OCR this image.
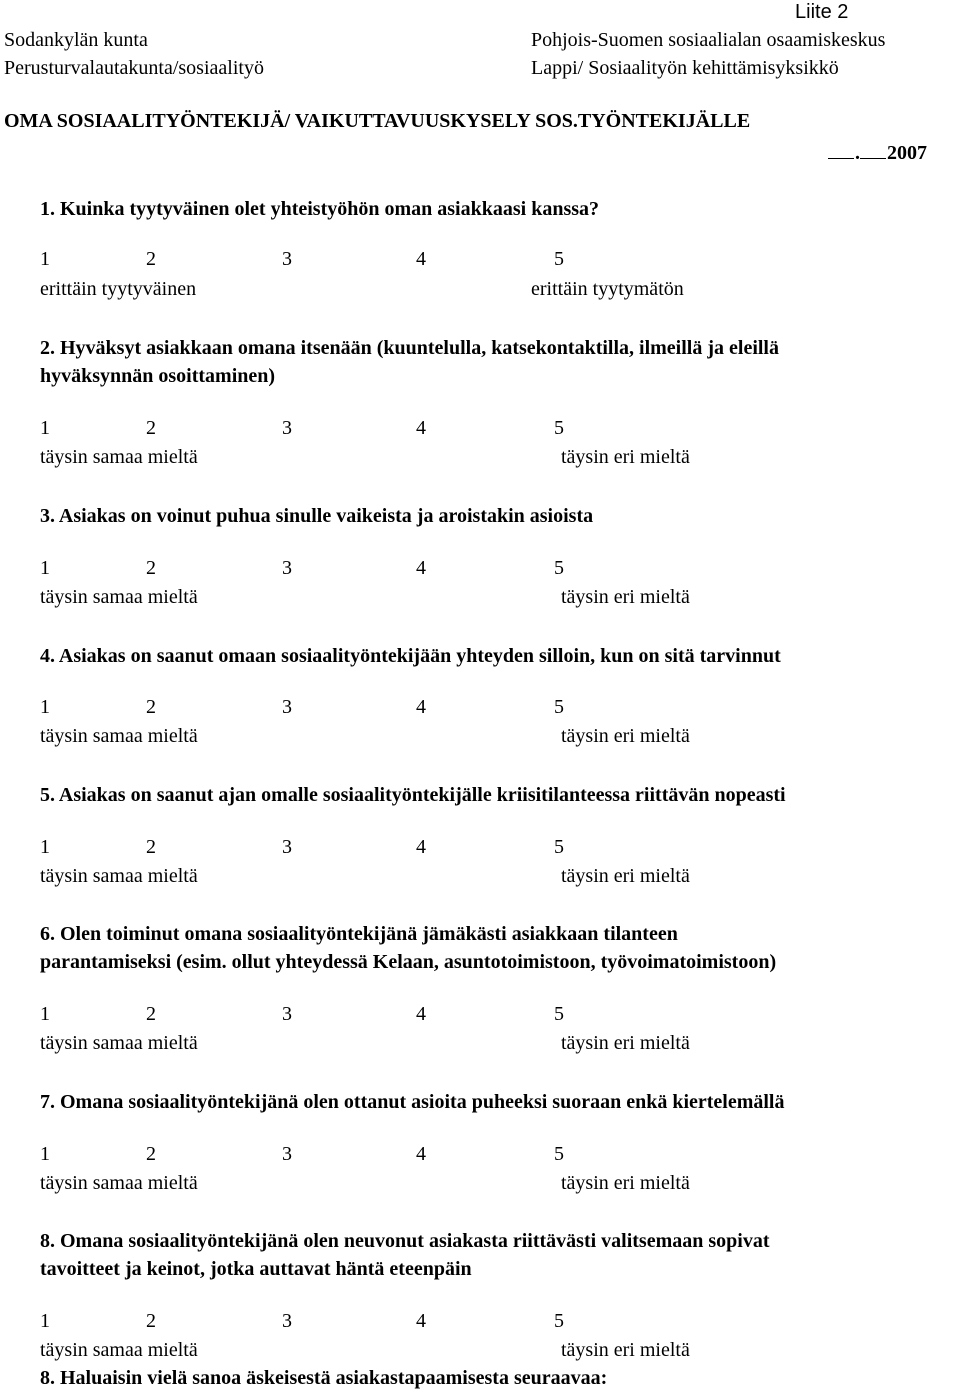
Liite 2
Sodankylän kunta
Perusturvalautakunta/sosiaalityö
Pohjois-Suomen sosiaalialan osaamiskeskus
Lappi/ Sosiaalityön kehittämisyksikkö
OMA SOSIAALITYÖNTEKIJÄ/ VAIKUTTAVUUSKYSELY SOS.TYÖNTEKIJÄLLE
. 2007
1. Kuinka tyytyväinen olet yhteistyöhön oman asiakkaasi kanssa?
1	2	3	4	5
erittäin tyytyväinen	erittäin tyytymätön
2. Hyväksyt asiakkaan omana itsenään (kuuntelulla, katsekontaktilla, ilmeillä ja eleillä
hyväksynnän osoittaminen)
1	2	3	4	5
täysin samaa mieltä	täysin eri mieltä
3. Asiakas on voinut puhua sinulle vaikeista ja aroistakin asioista
1	2	3	4	5
täysin samaa mieltä	täysin eri mieltä
4. Asiakas on saanut omaan sosiaalityöntekijään yhteyden silloin, kun on sitä tarvinnut
1	2	3	4	5
täysin samaa mieltä	täysin eri mieltä
5. Asiakas on saanut ajan omalle sosiaalityöntekijälle kriisitilanteessa riittävän nopeasti
1	2	3	4	5
täysin samaa mieltä	täysin eri mieltä
6. Olen toiminut omana sosiaalityöntekijänä jämäkästi asiakkaan tilanteen
parantamiseksi (esim. ollut yhteydessä Kelaan, asuntotoimistoon, työvoimatoimistoon)
1	2	3	4	5
täysin samaa mieltä	täysin eri mieltä
7. Omana sosiaalityöntekijänä olen ottanut asioita puheeksi suoraan enkä kiertelemällä
1	2	3	4	5
täysin samaa mieltä	täysin eri mieltä
8. Omana sosiaalityöntekijänä olen neuvonut asiakasta riittävästi valitsemaan sopivat
tavoitteet ja keinot, jotka auttavat häntä eteenpäin
1	2	3	4	5
täysin samaa mieltä	täysin eri mieltä
8. Haluaisin vielä sanoa äskeisestä asiakastapaamisesta seuraavaa:
